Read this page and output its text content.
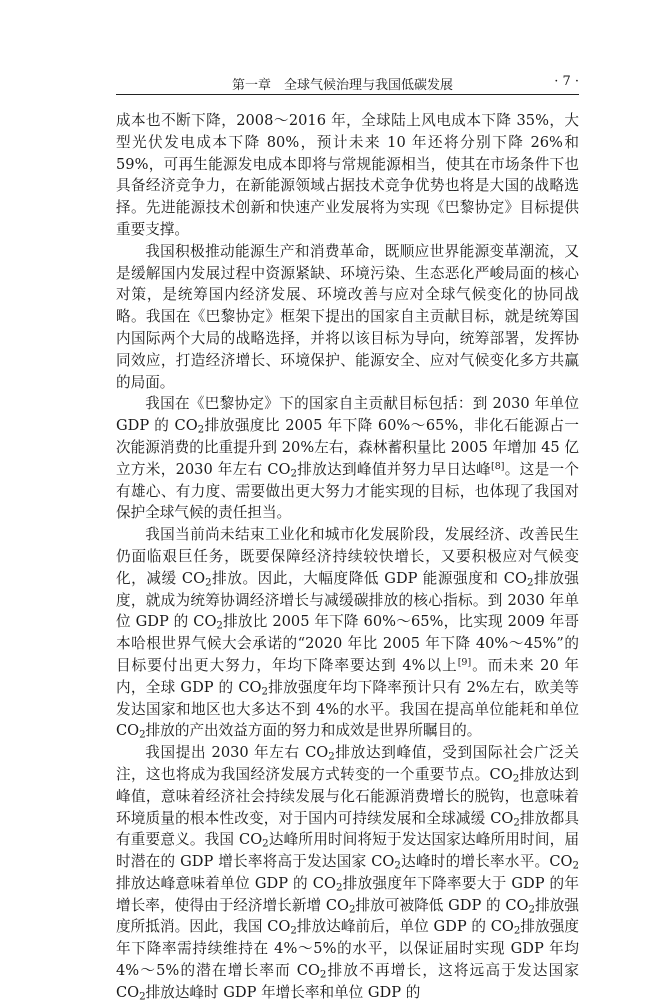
第一章　全球气候治理与我国低碳发展	· 7 ·

成本也不断下降，2008～2016 年，全球陆上风电成本下降 35%，大型光伏发电成本下降 80%，预计未来 10 年还将分别下降 26%和 59%，可再生能源发电成本即将与常规能源相当，使其在市场条件下也具备经济竞争力，在新能源领域占据技术竞争优势也将是大国的战略选择。先进能源技术创新和快速产业发展将为实现《巴黎协定》目标提供重要支撑。

我国积极推动能源生产和消费革命，既顺应世界能源变革潮流，又是缓解国内发展过程中资源紧缺、环境污染、生态恶化严峻局面的核心对策，是统筹国内经济发展、环境改善与应对全球气候变化的协同战略。我国在《巴黎协定》框架下提出的国家自主贡献目标，就是统筹国内国际两个大局的战略选择，并将以该目标为导向，统筹部署，发挥协同效应，打造经济增长、环境保护、能源安全、应对气候变化多方共赢的局面。

我国在《巴黎协定》下的国家自主贡献目标包括：到 2030 年单位 GDP 的 $CO_2$排放强度比 2005 年下降 60%～65%，非化石能源占一次能源消费的比重提升到 20%左右，森林蓄积量比 2005 年增加 45 亿立方米，2030 年左右 $CO_2$排放达到峰值并努力早日达峰[8]。这是一个有雄心、有力度、需要做出更大努力才能实现的目标，也体现了我国对保护全球气候的责任担当。

我国当前尚未结束工业化和城市化发展阶段，发展经济、改善民生仍面临艰巨任务，既要保障经济持续较快增长，又要积极应对气候变化，减缓 $CO_2$排放。因此，大幅度降低 GDP 能源强度和 $CO_2$排放强度，就成为统筹协调经济增长与减缓碳排放的核心指标。到 2030 年单位 GDP 的 $CO_2$排放比 2005 年下降 60%～65%，比实现 2009 年哥本哈根世界气候大会承诺的“2020 年比 2005 年下降 40%～45%”的目标要付出更大努力，年均下降率要达到 4%以上[9]。而未来 20 年内，全球 GDP 的 $CO_2$排放强度年均下降率预计只有 2%左右，欧美等发达国家和地区也大多达不到 4%的水平。我国在提高单位能耗和单位 $CO_2$排放的产出效益方面的努力和成效是世界所瞩目的。

我国提出 2030 年左右 $CO_2$排放达到峰值，受到国际社会广泛关注，这也将成为我国经济发展方式转变的一个重要节点。$CO_2$排放达到峰值，意味着经济社会持续发展与化石能源消费增长的脱钩，也意味着环境质量的根本性改变，对于国内可持续发展和全球减缓 $CO_2$排放都具有重要意义。我国 $CO_2$达峰所用时间将短于发达国家达峰所用时间，届时潜在的 GDP 增长率将高于发达国家 $CO_2$达峰时的增长率水平。$CO_2$排放达峰意味着单位 GDP 的 $CO_2$排放强度年下降率要大于 GDP 的年增长率，使得由于经济增长新增 $CO_2$排放可被降低 GDP 的 $CO_2$排放强度所抵消。因此，我国 $CO_2$排放达峰前后，单位 GDP 的 $CO_2$排放强度年下降率需持续维持在 4%～5%的水平，以保证届时实现 GDP 年均 4%～5%的潜在增长率而 $CO_2$排放不再增长，这将远高于发达国家 $CO_2$排放达峰时 GDP 年增长率和单位 GDP 的
